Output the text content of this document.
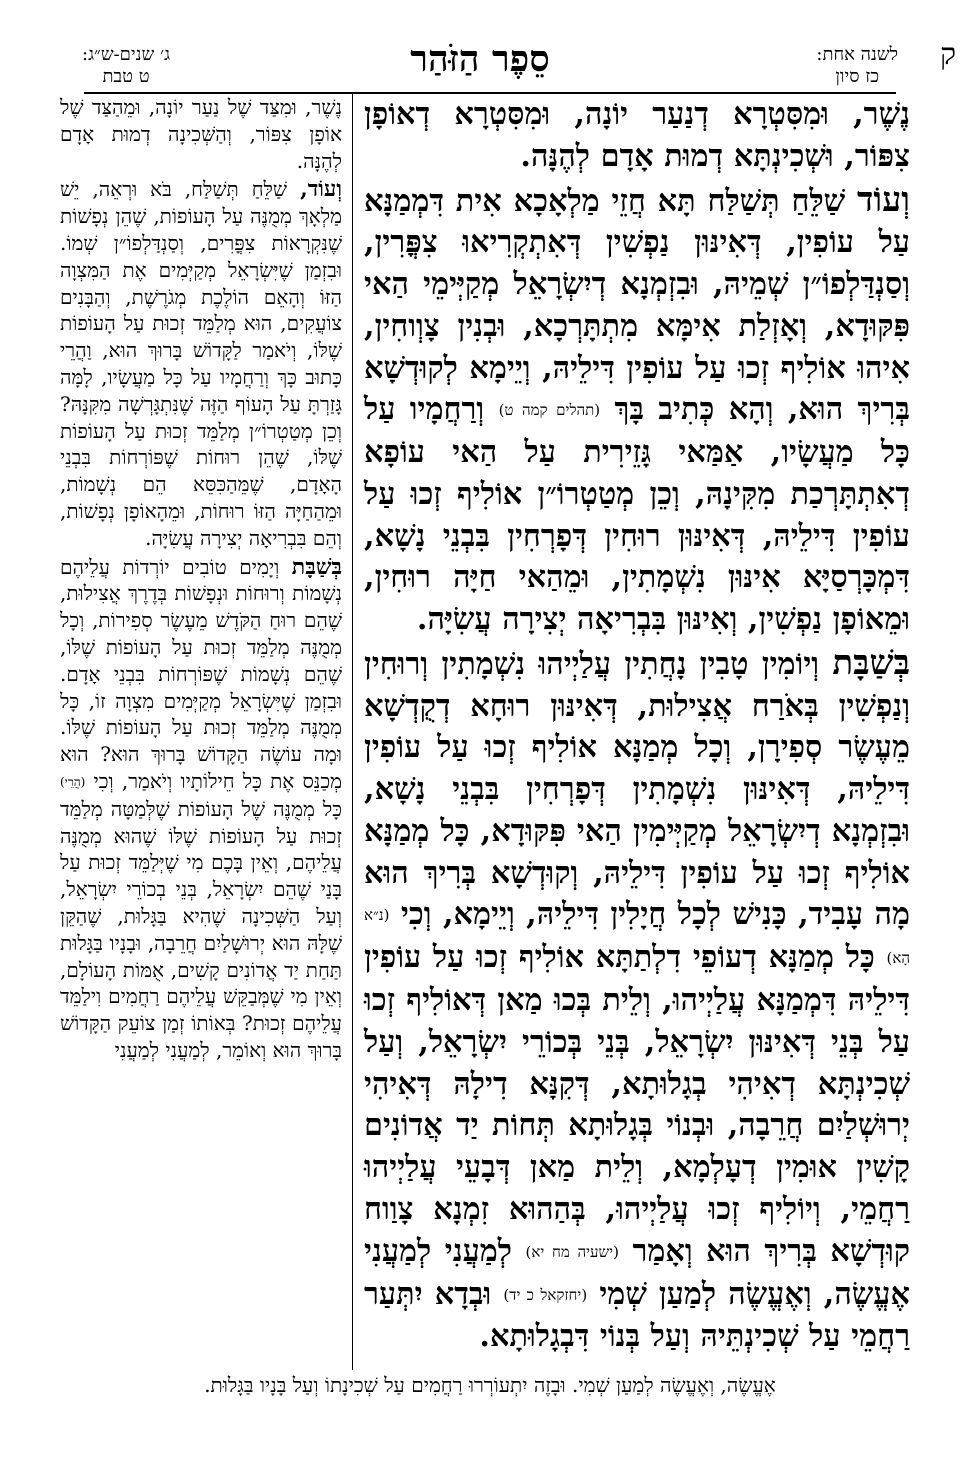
ק
לשנה אחת:
כז סיון
סֵפֶר הַזֹּהַר
ג׳ שנים-ש״ג:
ט טבת

נֶשֶׁר, וּמִסִּטְרָא דְנַעַר יוֹנָה, וּמִסִּטְרָא דְאוֹפָן צִפּוֹר, וּשְׁכִינְתָּא דְמוּת אָדָם לְהֶנָּה.

וְעוֹד שַׁלֵּחַ תְּשַׁלַּח תָּא חֲזֵי מַלְאָכָא אִית דִּמְמַנָּא עַל עוֹפִין, דְּאִינּוּן נַפְשִׁין דְּאִתְקְרִיאוּ צִפֳּרִין, וְסַנְדַּלְפוֹ״ן שְׁמֵיהּ, וּבִזְמְנָא דְיִשְׂרָאֵל מְקַיְּימֵי הַאי פִּקּוּדָא, וְאָזְלַת אִימָּא מִתְתָּרְכָא, וּבְנִין צָוְוחִין, אִיהוּ אוֹלִיף זְכוּ עַל עוֹפִין דִּילֵיהּ, וְיֵימָא לְקוּדְשָׁא בְּרִיךְ הוּא, וְהָא כְּתִיב בָּךְ (תהלים קמה ט) וְרַחֲמָיו עַל כָּל מַעֲשָׂיו, אַמַּאי גָּזֵירִית עַל הַאי עוֹפָא דְאִתְתָּרְכַת מִקִּינָהּ, וְכֵן מְטַטְרוֹ״ן אוֹלִיף זְכוּ עַל עוֹפִין דִּילֵיהּ, דְּאִינּוּן רוּחִין דְּפָרְחִין בִּבְנֵי נָשָׁא, דִּמְכָּרְסַיָּא אִינּוּן נִשְׁמָתִין, וּמֵהַאי חַיָּה רוּחִין, וּמֵאוֹפָן נַפְשִׁין, וְאִינּוּן בִּבְרִיאָה יְצִירָה עֲשִׂיָּה.

בְּשַׁבָּת וְיוֹמִין טָבִין נָחֲתִין עֲלַיְיהוּ נִשְׁמָתִין וְרוּחִין וְנַפְשִׁין בְּאֹרַח אֲצִילוּת, דְּאִינּוּן רוּחָא דְקֻדְשָׁא מֵעֶשֶׂר סְפִירָן, וְכָל מְמַנָּא אוֹלִיף זְכוּ עַל עוֹפִין דִּילֵיהּ, דְּאִינּוּן נִשְׁמָתִין דְּפָרְחִין בִּבְנֵי נָשָׁא, וּבִזְמְנָא דְיִשְׂרָאֵל מְקַיְּימִין הַאי פִּקּוּדָא, כָּל מְמַנָּא אוֹלִיף זְכוּ עַל עוֹפִין דִּילֵיהּ, וְקוּדְשָׁא בְּרִיךְ הוּא מָה עָבִיד, כָּנִישׁ לְכָל חֲיָלִין דִּילֵיהּ, וְיֵימָא, וְכִי (נ״א הָא) כָּל מְמַנָּא דְעוֹפֵי דִלְתַתָּא אוֹלִיף זְכוּ עַל עוֹפִין דִּילֵיהּ דִּמְמַנָּא עֲלַיְיהוּ, וְלֵית בְּכוּ מַאן דְּאוֹלִיף זְכוּ עַל בְּנֵי דְּאִינּוּן יִשְׂרָאֵל, בְּנֵי בְּכוֹרֵי יִשְׂרָאֵל, וְעַל שְׁכִינְתָּא דְאִיהִי בְגָלוּתָא, דְּקִנָּא דִילָהּ דְּאִיהִי יְרוּשְׁלַיִם חֲרֵבָה, וּבְנוֹי בְּגָלוּתָא תְּחוֹת יַד אֲדוֹנִים קָשִׁין אוּמִין דְעָלְמָא, וְלֵית מַאן דְּבָעֵי עֲלַיְיהוּ רַחֲמֵי, וְיוֹלִיף זְכוּ עֲלַיְיהוּ, בְּהַהוּא זִמְנָא צָוַוח קוּדְשָׁא בְּרִיךְ הוּא וְאָמַר (ישעיה מח יא) לְמַעֲנִי לְמַעֲנִי אֶעֱשֶׂה, וְאֶעֱשֶׂה לְמַעַן שְׁמִי (יחזקאל כ יד) וּבְדָא יִתְּעַר רַחֲמֵי עַל שְׁכִינְתֵּיהּ וְעַל בְּנוֹי דִּבְגָלוּתָא.

נֶשֶׁר, וּמִצַּד שֶׁל נַעַר יוֹנָה, וּמֵהַצַּד שֶׁל אוֹפָן צִפּוֹר, וְהַשְּׁכִינָה דְמוּת אָדָם לְהֶנָּה.

וְעוֹד, שַׁלֵּחַ תְּשַׁלַּח, בֹּא וּרְאֵה, יֵשׁ מַלְאָךְ מְמֻנֶּה עַל הָעוֹפוֹת, שֶׁהֵן נְפָשׁוֹת שֶׁנִּקְרָאוֹת צִפֳּרִים, וְסַנְדַּלְפוֹ״ן שְׁמוֹ. וּבִזְמַן שֶׁיִּשְׂרָאֵל מְקַיְּמִים אֶת הַמִּצְוָה הַזּוֹ וְהָאֵם הוֹלֶכֶת מְגֹרֶשֶׁת, וְהַבָּנִים צוֹעֲקִים, הוּא מְלַמֵּד זְכוּת עַל הָעוֹפוֹת שֶׁלּוֹ, וְיֹאמַר לַקָּדוֹשׁ בָּרוּךְ הוּא, וַהֲרֵי כָּתוּב כָּךְ וְרַחֲמָיו עַל כָּל מַעֲשָׂיו, לָמָּה גָּזַרְתָּ עַל הָעוֹף הַזֶּה שֶׁנִּתְגָּרְשָׁה מִקִּנָּהּ? וְכֵן מְטַטְרוֹ״ן מְלַמֵּד זְכוּת עַל הָעוֹפוֹת שֶׁלּוֹ, שֶׁהֵן רוּחוֹת שֶׁפּוֹרְחוֹת בִּבְנֵי הָאָדָם, שֶׁמֵּהַכִּסֵּא הֵם נְשָׁמוֹת, וּמֵהַחַיָּה הַזּוֹ רוּחוֹת, וּמֵהָאוֹפָן נְפָשׁוֹת, וְהֵם בִּבְרִיאָה יְצִירָה עֲשִׂיָּה.

בְּשַׁבָּת וְיָמִים טוֹבִים יוֹרְדוֹת עֲלֵיהֶם נְשָׁמוֹת וְרוּחוֹת וּנְפָשׁוֹת בְּדֶרֶךְ אֲצִילוּת, שֶׁהֵם רוּחַ הַקֹּדֶשׁ מֵעֶשֶׂר סְפִירוֹת, וְכָל מְמֻנֶּה מְלַמֵּד זְכוּת עַל הָעוֹפוֹת שֶׁלּוֹ, שֶׁהֵם נְשָׁמוֹת שֶׁפּוֹרְחוֹת בִּבְנֵי אָדָם. וּבִזְמַן שֶׁיִּשְׂרָאֵל מְקַיְּמִים מִצְוָה זוֹ, כָּל מְמֻנֶּה מְלַמֵּד זְכוּת עַל הָעוֹפוֹת שֶׁלּוֹ. וּמָה עוֹשֶׂה הַקָּדוֹשׁ בָּרוּךְ הוּא? הוּא מְכַנֵּס אֶת כָּל חֵילוֹתָיו וְיֹאמַר, וְכִי (הֲרֵי) כָּל מְמֻנֶּה שֶׁל הָעוֹפוֹת שֶׁלְּמַטָּה מְלַמֵּד זְכוּת עַל הָעוֹפוֹת שֶׁלּוֹ שֶׁהוּא מְמֻנֶּה עֲלֵיהֶם, וְאֵין בָּכֶם מִי שֶׁיְּלַמֵּד זְכוּת עַל בָּנַי שֶׁהֵם יִשְׂרָאֵל, בְּנֵי בְכוֹרֵי יִשְׂרָאֵל, וְעַל הַשְּׁכִינָה שֶׁהִיא בַּגָּלוּת, שֶׁהַקֵּן שֶׁלָּהּ הוּא יְרוּשָׁלַיִם חֲרֵבָה, וּבָנָיו בַּגָּלוּת תַּחַת יַד אֲדוֹנִים קָשִׁים, אֻמּוֹת הָעוֹלָם, וְאֵין מִי שֶׁמְּבַקֵּשׁ עֲלֵיהֶם רַחֲמִים וִילַמֵּד עֲלֵיהֶם זְכוּת? בְּאוֹתוֹ זְמַן צוֹעֵק הַקָּדוֹשׁ בָּרוּךְ הוּא וְאוֹמֵר, לְמַעֲנִי לְמַעֲנִי

אֶעֱשֶׂה, וְאֶעֱשֶׂה לְמַעַן שְׁמִי. וּבָזֶה יִתְעוֹרְרוּ רַחֲמִים עַל שְׁכִינָתוֹ וְעַל בָּנָיו בַּגָּלוּת.
